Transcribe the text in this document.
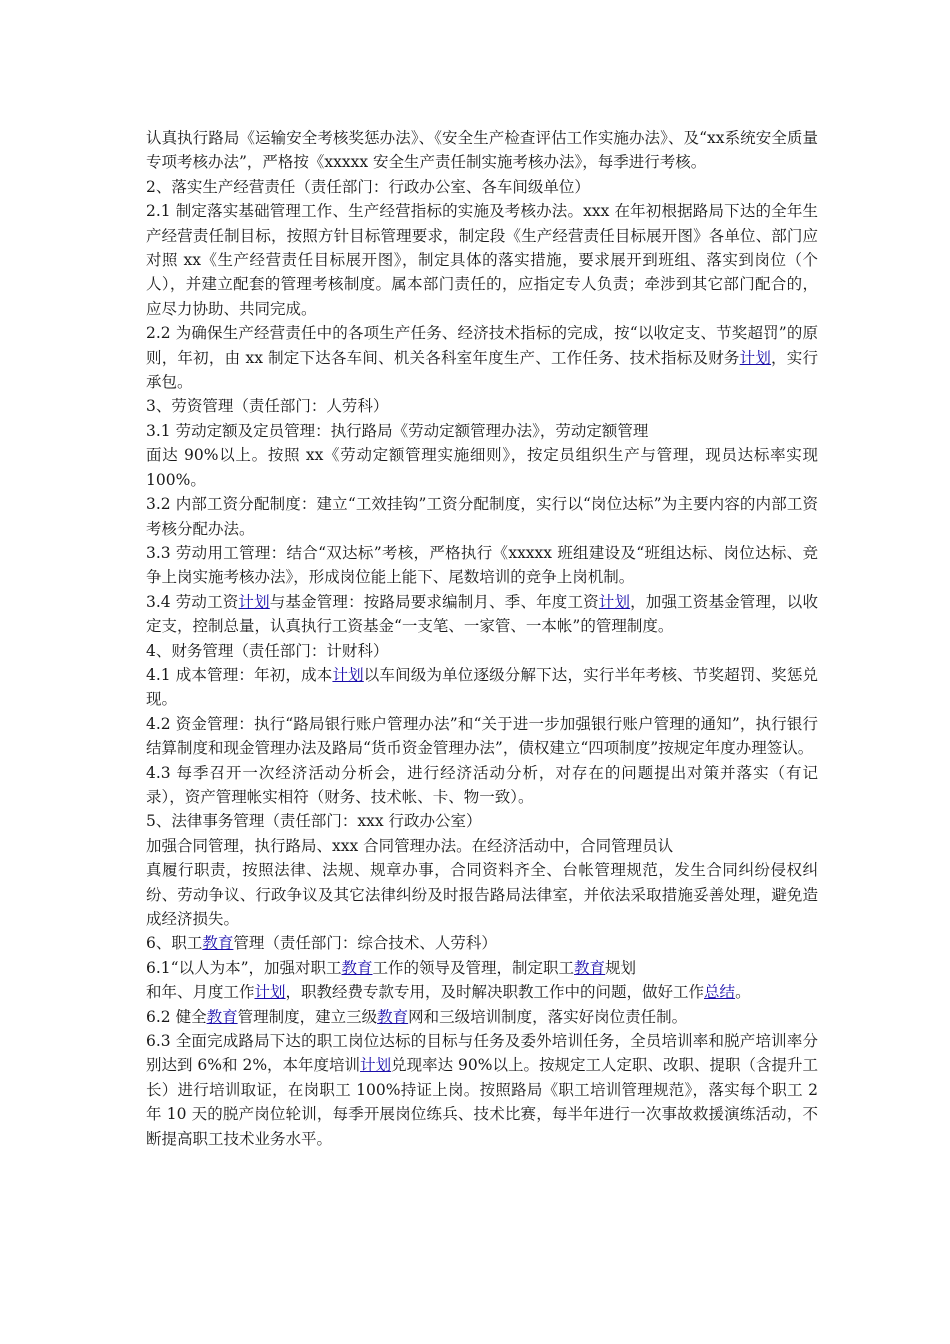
认真执行路局《运输安全考核奖惩办法》、《安全生产检查评估工作实施办法》、及“xx系统安全质量专项考核办法”，严格按《xxxxx 安全生产责任制实施考核办法》，每季进行考核。

2、落实生产经营责任（责任部门：行政办公室、各车间级单位）

2.1 制定落实基础管理工作、生产经营指标的实施及考核办法。xxx 在年初根据路局下达的全年生产经营责任制目标，按照方针目标管理要求，制定段《生产经营责任目标展开图》各单位、部门应对照 xx《生产经营责任目标展开图》，制定具体的落实措施，要求展开到班组、落实到岗位（个人），并建立配套的管理考核制度。属本部门责任的，应指定专人负责；牵涉到其它部门配合的，应尽力协助、共同完成。

2.2 为确保生产经营责任中的各项生产任务、经济技术指标的完成，按“以收定支、节奖超罚”的原则，年初，由 xx 制定下达各车间、机关各科室年度生产、工作任务、技术指标及财务计划，实行承包。

3、劳资管理（责任部门：人劳科）

3.1 劳动定额及定员管理：执行路局《劳动定额管理办法》，劳动定额管理

面达 90%以上。按照 xx《劳动定额管理实施细则》，按定员组织生产与管理，现员达标率实现 100%。

3.2 内部工资分配制度：建立“工效挂钩”工资分配制度，实行以“岗位达标”为主要内容的内部工资考核分配办法。

3.3 劳动用工管理：结合“双达标”考核，严格执行《xxxxx 班组建设及“班组达标、岗位达标、竞争上岗实施考核办法》，形成岗位能上能下、尾数培训的竞争上岗机制。

3.4 劳动工资计划与基金管理：按路局要求编制月、季、年度工资计划，加强工资基金管理，以收定支，控制总量，认真执行工资基金“一支笔、一家管、一本帐”的管理制度。

4、财务管理（责任部门：计财科）

4.1 成本管理：年初，成本计划以车间级为单位逐级分解下达，实行半年考核、节奖超罚、奖惩兑现。

4.2 资金管理：执行“路局银行账户管理办法”和“关于进一步加强银行账户管理的通知”，执行银行结算制度和现金管理办法及路局“货币资金管理办法”，债权建立“四项制度”按规定年度办理签认。

4.3 每季召开一次经济活动分析会，进行经济活动分析，对存在的问题提出对策并落实（有记录），资产管理帐实相符（财务、技术帐、卡、物一致）。

5、法律事务管理（责任部门：xxx 行政办公室）

加强合同管理，执行路局、xxx 合同管理办法。在经济活动中，合同管理员认

真履行职责，按照法律、法规、规章办事，合同资料齐全、台帐管理规范，发生合同纠纷侵权纠纷、劳动争议、行政争议及其它法律纠纷及时报告路局法律室，并依法采取措施妥善处理，避免造成经济损失。

6、职工教育管理（责任部门：综合技术、人劳科）

6.1“以人为本”，加强对职工教育工作的领导及管理，制定职工教育规划

和年、月度工作计划，职教经费专款专用，及时解决职教工作中的问题，做好工作总结。

6.2 健全教育管理制度，建立三级教育网和三级培训制度，落实好岗位责任制。

6.3 全面完成路局下达的职工岗位达标的目标与任务及委外培训任务，全员培训率和脱产培训率分别达到 6%和 2%，本年度培训计划兑现率达 90%以上。按规定工人定职、改职、提职（含提升工长）进行培训取证，在岗职工 100%持证上岗。按照路局《职工培训管理规范》，落实每个职工 2 年 10 天的脱产岗位轮训，每季开展岗位练兵、技术比赛，每半年进行一次事故救援演练活动，不断提高职工技术业务水平。
